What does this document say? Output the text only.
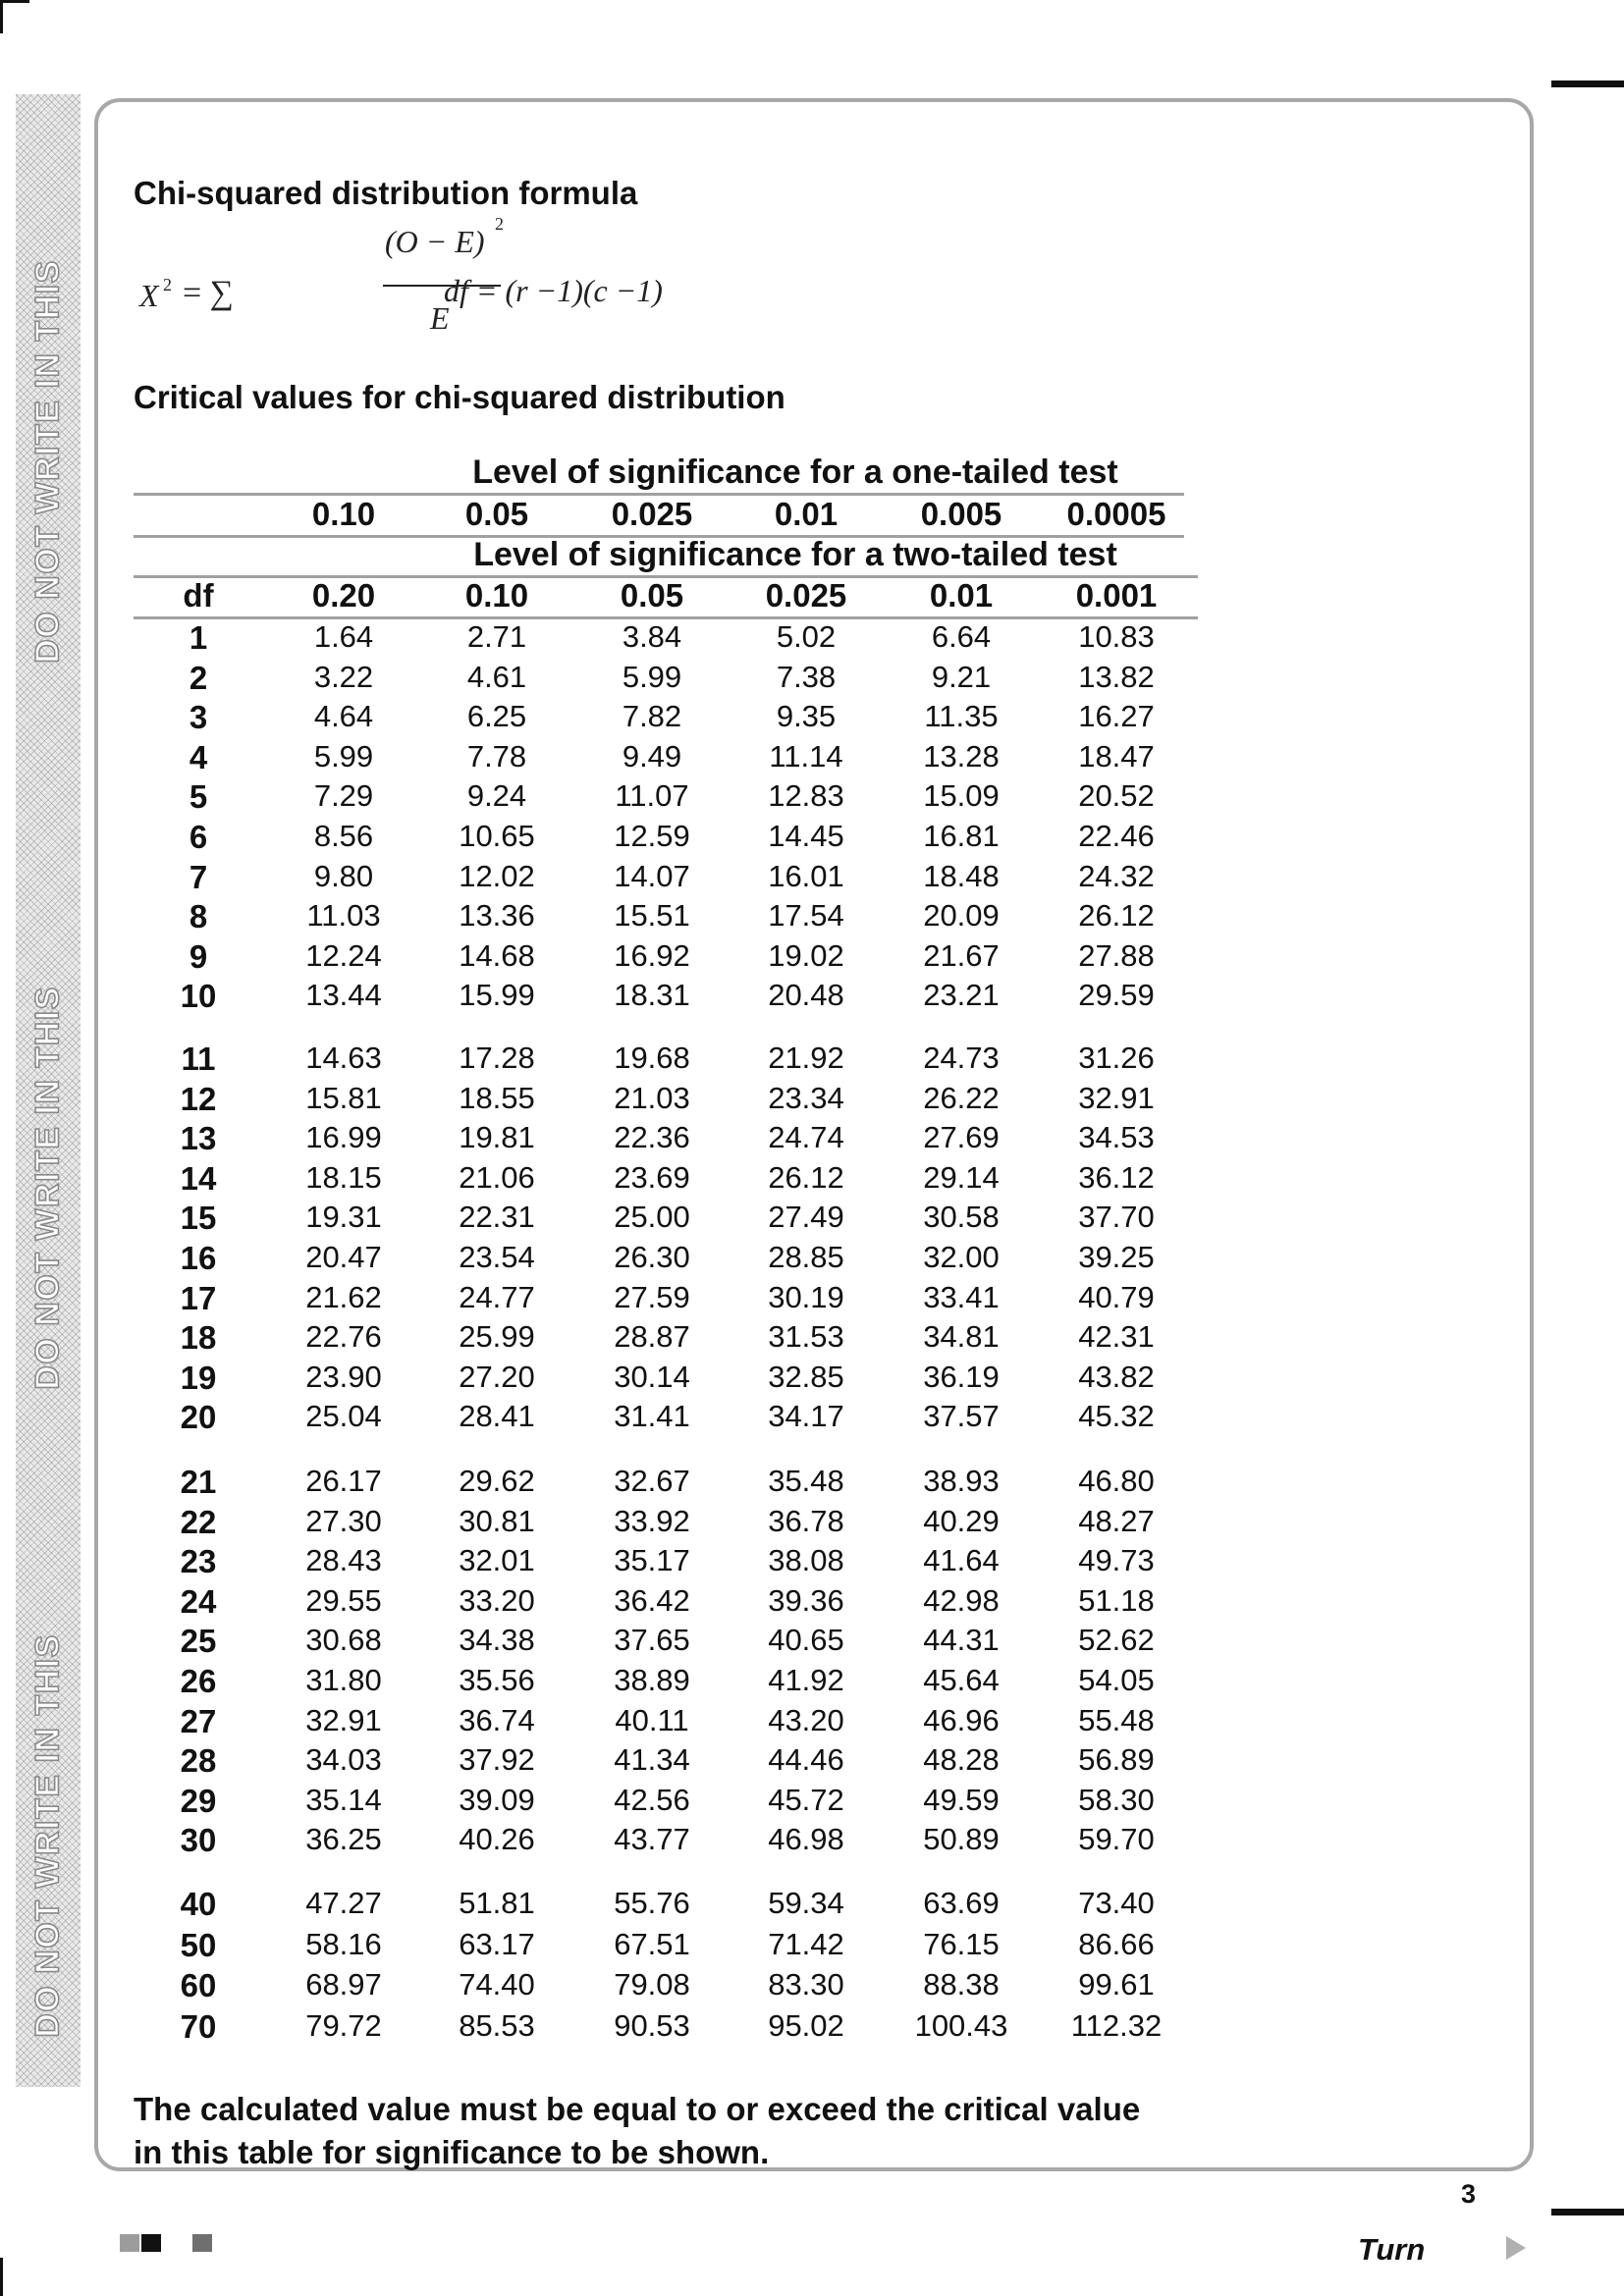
DO NOT WRITE IN THIS
DO NOT WRITE IN THIS
DO NOT WRITE IN THIS
Chi-squared distribution formula
X 2 = ∑
(O − E) 2
E
df = (r −1)(c −1)
Critical values for chi-squared distribution
Level of significance for a one-tailed test
0.10	0.05	0.025	0.01	0.005	0.0005
Level of significance for a two-tailed test
df	0.20	0.10	0.05	0.025	0.01	0.001
1	1.64	2.71	3.84	5.02	6.64	10.83
2	3.22	4.61	5.99	7.38	9.21	13.82
3	4.64	6.25	7.82	9.35	11.35	16.27
4	5.99	7.78	9.49	11.14	13.28	18.47
5	7.29	9.24	11.07	12.83	15.09	20.52
6	8.56	10.65	12.59	14.45	16.81	22.46
7	9.80	12.02	14.07	16.01	18.48	24.32
8	11.03	13.36	15.51	17.54	20.09	26.12
9	12.24	14.68	16.92	19.02	21.67	27.88
10	13.44	15.99	18.31	20.48	23.21	29.59
11	14.63	17.28	19.68	21.92	24.73	31.26
12	15.81	18.55	21.03	23.34	26.22	32.91
13	16.99	19.81	22.36	24.74	27.69	34.53
14	18.15	21.06	23.69	26.12	29.14	36.12
15	19.31	22.31	25.00	27.49	30.58	37.70
16	20.47	23.54	26.30	28.85	32.00	39.25
17	21.62	24.77	27.59	30.19	33.41	40.79
18	22.76	25.99	28.87	31.53	34.81	42.31
19	23.90	27.20	30.14	32.85	36.19	43.82
20	25.04	28.41	31.41	34.17	37.57	45.32
21	26.17	29.62	32.67	35.48	38.93	46.80
22	27.30	30.81	33.92	36.78	40.29	48.27
23	28.43	32.01	35.17	38.08	41.64	49.73
24	29.55	33.20	36.42	39.36	42.98	51.18
25	30.68	34.38	37.65	40.65	44.31	52.62
26	31.80	35.56	38.89	41.92	45.64	54.05
27	32.91	36.74	40.11	43.20	46.96	55.48
28	34.03	37.92	41.34	44.46	48.28	56.89
29	35.14	39.09	42.56	45.72	49.59	58.30
30	36.25	40.26	43.77	46.98	50.89	59.70
40	47.27	51.81	55.76	59.34	63.69	73.40
50	58.16	63.17	67.51	71.42	76.15	86.66
60	68.97	74.40	79.08	83.30	88.38	99.61
70	79.72	85.53	90.53	95.02	100.43	112.32
The calculated value must be equal to or exceed the critical value
in this table for significance to be shown.
3
Turn
